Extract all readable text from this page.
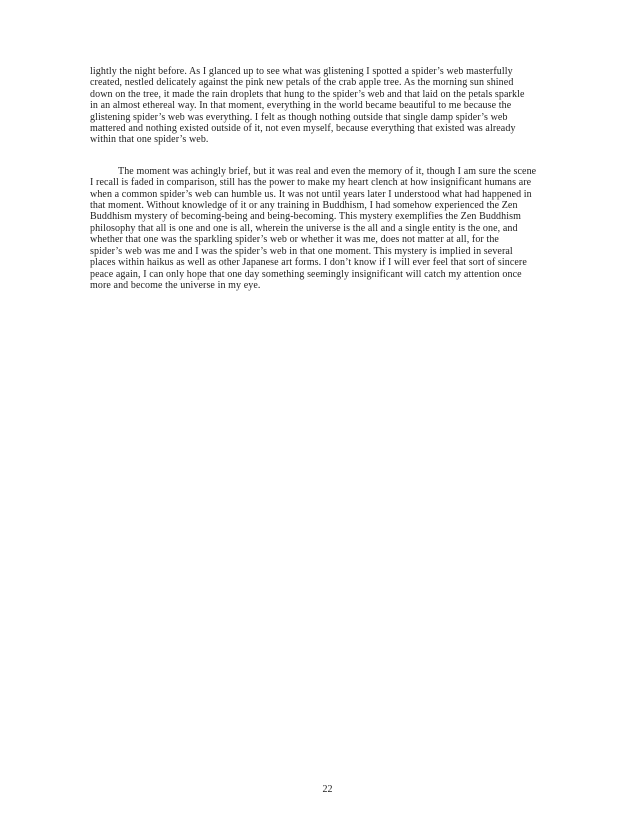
lightly the night before. As I glanced up to see what was glistening I spotted a spider’s web masterfully
created, nestled delicately against the pink new petals of the crab apple tree. As the morning sun shined
down on the tree, it made the rain droplets that hung to the spider’s web and that laid on the petals sparkle
in an almost ethereal way. In that moment, everything in the world became beautiful to me because the
glistening spider’s web was everything. I felt as though nothing outside that single damp spider’s web
mattered and nothing existed outside of it, not even myself, because everything that existed was already
within that one spider’s web.
The moment was achingly brief, but it was real and even the memory of it, though I am sure the scene
I recall is faded in comparison, still has the power to make my heart clench at how insignificant humans are
when a common spider’s web can humble us. It was not until years later I understood what had happened in
that moment. Without knowledge of it or any training in Buddhism, I had somehow experienced the Zen
Buddhism mystery of becoming-being and being-becoming. This mystery exemplifies the Zen Buddhism
philosophy that all is one and one is all, wherein the universe is the all and a single entity is the one, and
whether that one was the sparkling spider’s web or whether it was me, does not matter at all, for the
spider’s web was me and I was the spider’s web in that one moment. This mystery is implied in several
places within haikus as well as other Japanese art forms. I don’t know if I will ever feel that sort of sincere
peace again, I can only hope that one day something seemingly insignificant will catch my attention once
more and become the universe in my eye.
22
